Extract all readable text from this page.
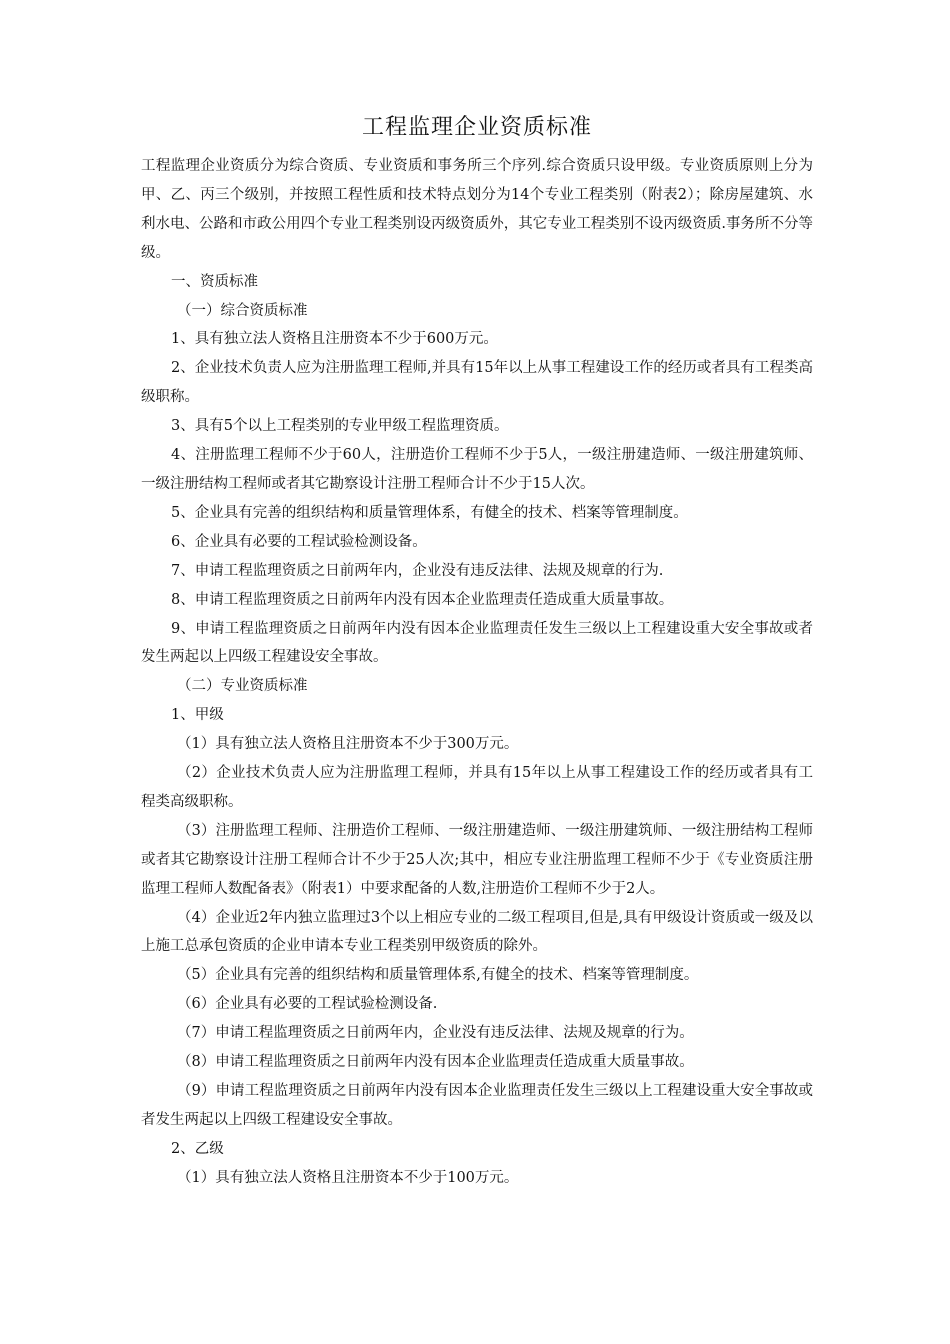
工程监理企业资质标准

工程监理企业资质分为综合资质、专业资质和事务所三个序列.综合资质只设甲级。专业资质原则上分为甲、乙、丙三个级别，并按照工程性质和技术特点划分为14个专业工程类别（附表2）；除房屋建筑、水利水电、公路和市政公用四个专业工程类别设丙级资质外，其它专业工程类别不设丙级资质.事务所不分等级。

一、资质标准

（一）综合资质标准

1、具有独立法人资格且注册资本不少于600万元。

2、企业技术负责人应为注册监理工程师,并具有15年以上从事工程建设工作的经历或者具有工程类高级职称。

3、具有5个以上工程类别的专业甲级工程监理资质。

4、注册监理工程师不少于60人，注册造价工程师不少于5人，一级注册建造师、一级注册建筑师、一级注册结构工程师或者其它勘察设计注册工程师合计不少于15人次。

5、企业具有完善的组织结构和质量管理体系，有健全的技术、档案等管理制度。

6、企业具有必要的工程试验检测设备。

7、申请工程监理资质之日前两年内，企业没有违反法律、法规及规章的行为.

8、申请工程监理资质之日前两年内没有因本企业监理责任造成重大质量事故。

9、申请工程监理资质之日前两年内没有因本企业监理责任发生三级以上工程建设重大安全事故或者发生两起以上四级工程建设安全事故。

（二）专业资质标准

1、甲级

（1）具有独立法人资格且注册资本不少于300万元。

（2）企业技术负责人应为注册监理工程师，并具有15年以上从事工程建设工作的经历或者具有工程类高级职称。

（3）注册监理工程师、注册造价工程师、一级注册建造师、一级注册建筑师、一级注册结构工程师或者其它勘察设计注册工程师合计不少于25人次;其中，相应专业注册监理工程师不少于《专业资质注册监理工程师人数配备表》（附表1）中要求配备的人数,注册造价工程师不少于2人。

（4）企业近2年内独立监理过3个以上相应专业的二级工程项目,但是,具有甲级设计资质或一级及以上施工总承包资质的企业申请本专业工程类别甲级资质的除外。

（5）企业具有完善的组织结构和质量管理体系,有健全的技术、档案等管理制度。

（6）企业具有必要的工程试验检测设备.

（7）申请工程监理资质之日前两年内，企业没有违反法律、法规及规章的行为。

（8）申请工程监理资质之日前两年内没有因本企业监理责任造成重大质量事故。

（9）申请工程监理资质之日前两年内没有因本企业监理责任发生三级以上工程建设重大安全事故或者发生两起以上四级工程建设安全事故。

2、乙级

（1）具有独立法人资格且注册资本不少于100万元。
